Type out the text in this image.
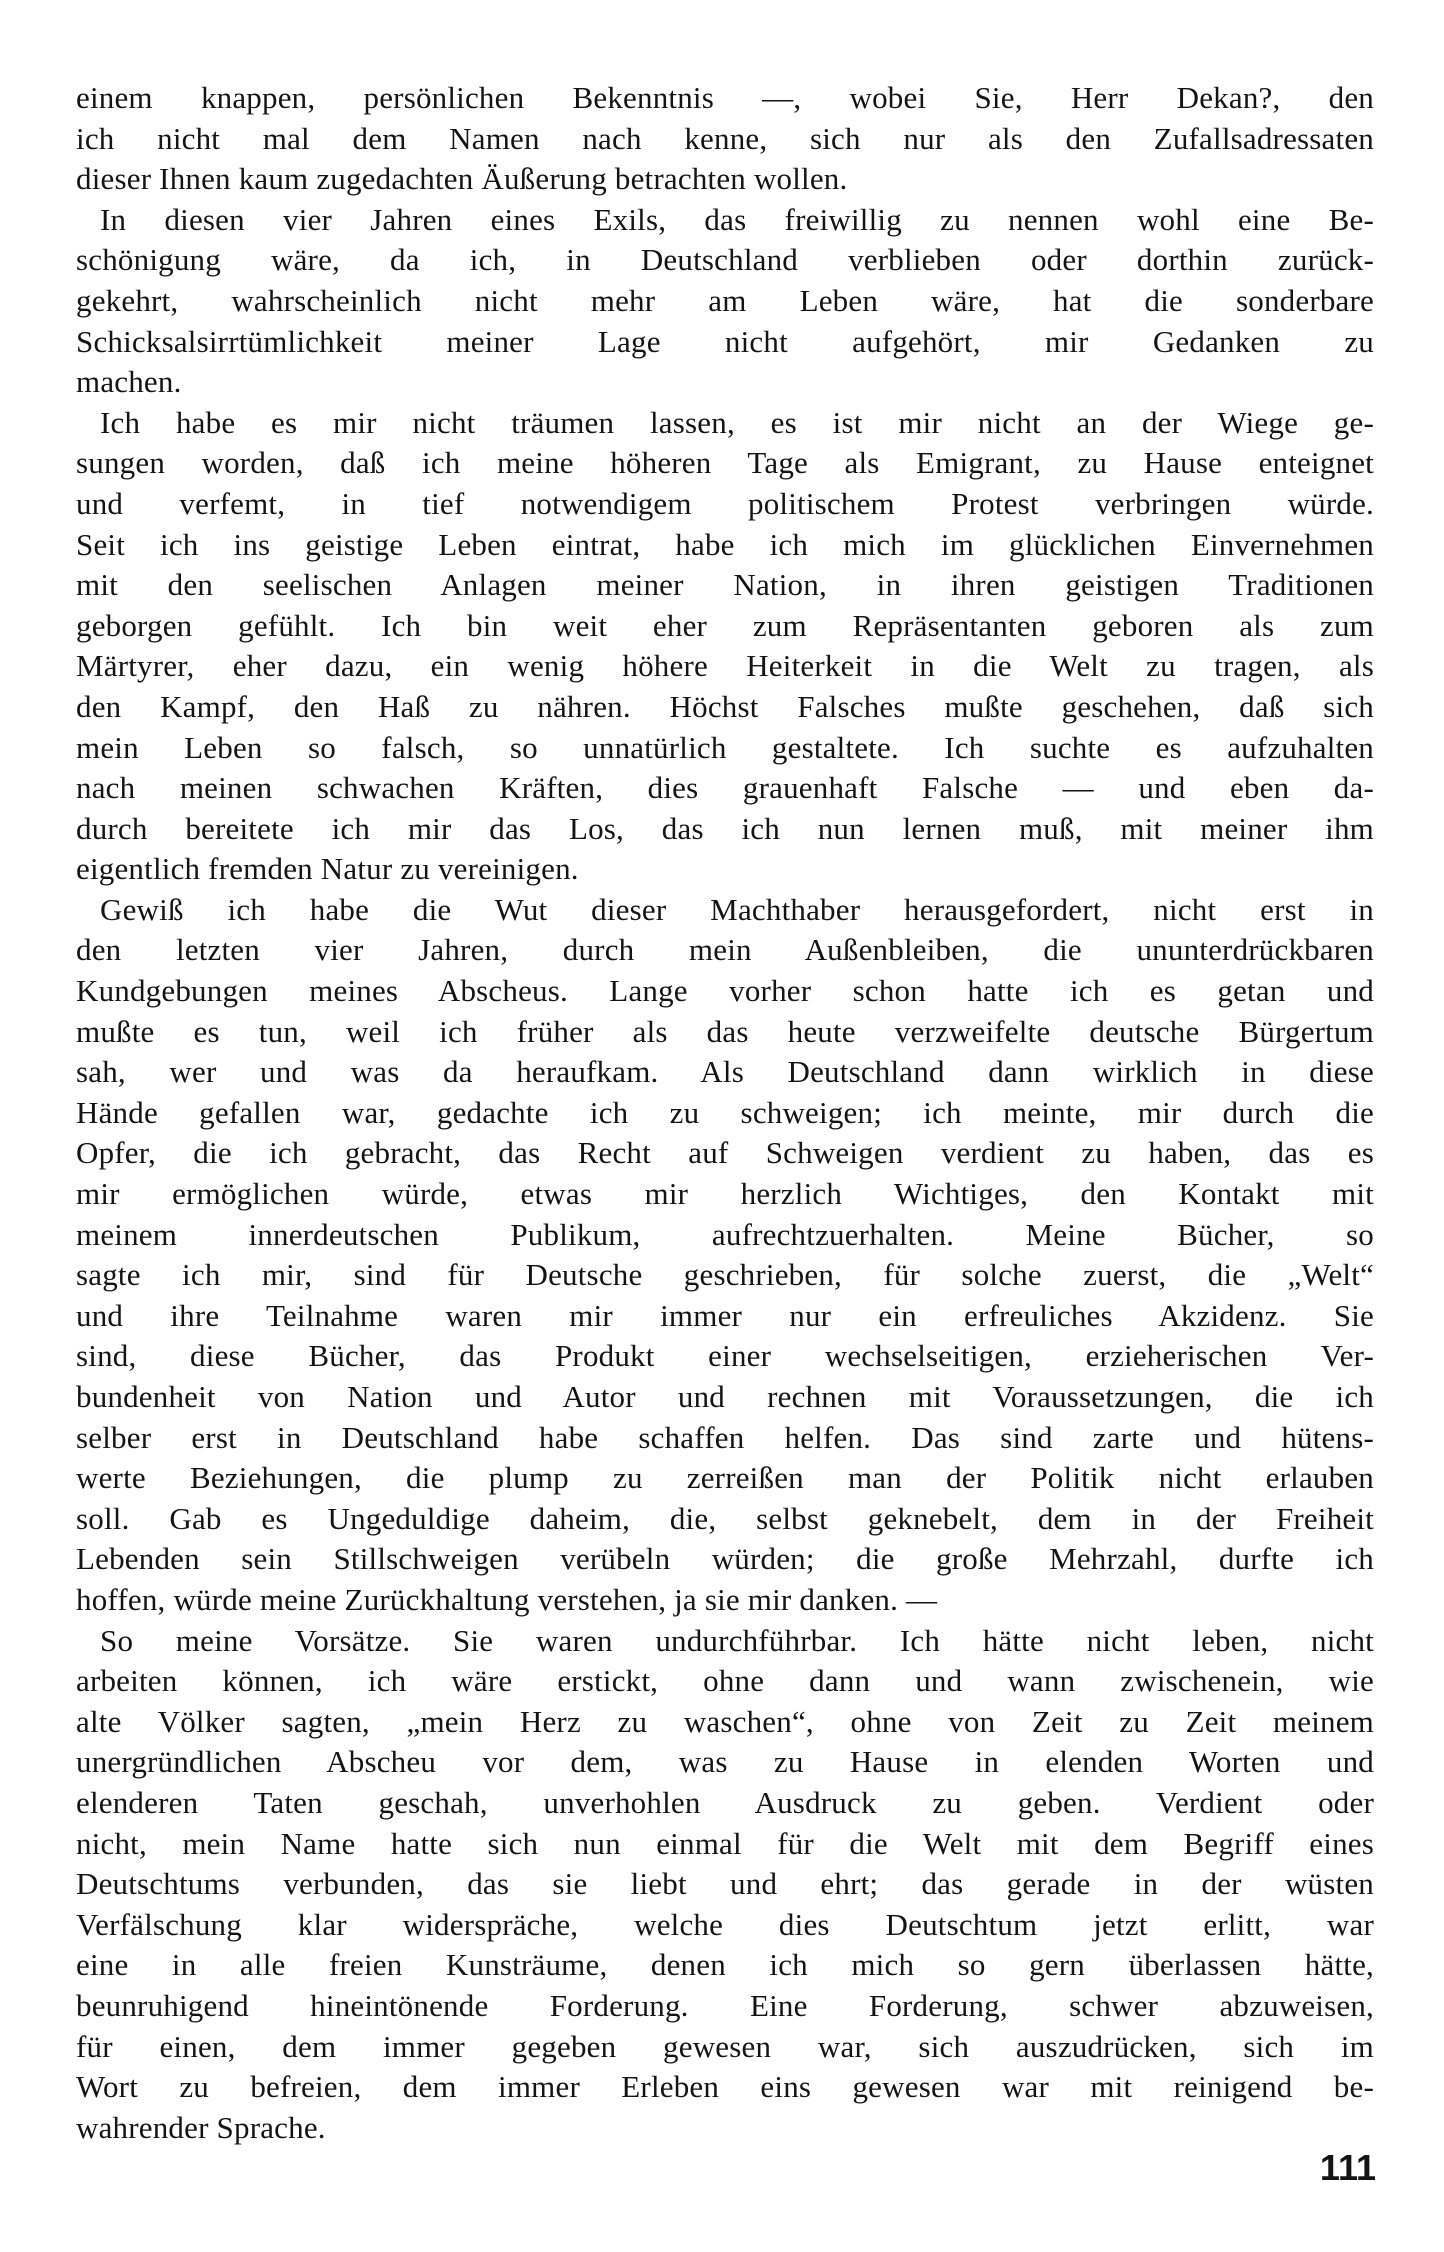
einem knappen, persönlichen Bekenntnis —, wobei Sie, Herr Dekan?, den
ich nicht mal dem Namen nach kenne, sich nur als den Zufallsadressaten
dieser Ihnen kaum zugedachten Äußerung betrachten wollen.
In diesen vier Jahren eines Exils, das freiwillig zu nennen wohl eine Be-
schönigung wäre, da ich, in Deutschland verblieben oder dorthin zurück-
gekehrt, wahrscheinlich nicht mehr am Leben wäre, hat die sonderbare
Schicksalsirrtümlichkeit meiner Lage nicht aufgehört, mir Gedanken zu
machen.
Ich habe es mir nicht träumen lassen, es ist mir nicht an der Wiege ge-
sungen worden, daß ich meine höheren Tage als Emigrant, zu Hause enteignet
und verfemt, in tief notwendigem politischem Protest verbringen würde.
Seit ich ins geistige Leben eintrat, habe ich mich im glücklichen Einvernehmen
mit den seelischen Anlagen meiner Nation, in ihren geistigen Traditionen
geborgen gefühlt. Ich bin weit eher zum Repräsentanten geboren als zum
Märtyrer, eher dazu, ein wenig höhere Heiterkeit in die Welt zu tragen, als
den Kampf, den Haß zu nähren. Höchst Falsches mußte geschehen, daß sich
mein Leben so falsch, so unnatürlich gestaltete. Ich suchte es aufzuhalten
nach meinen schwachen Kräften, dies grauenhaft Falsche — und eben da-
durch bereitete ich mir das Los, das ich nun lernen muß, mit meiner ihm
eigentlich fremden Natur zu vereinigen.
Gewiß ich habe die Wut dieser Machthaber herausgefordert, nicht erst in
den letzten vier Jahren, durch mein Außenbleiben, die ununterdrückbaren
Kundgebungen meines Abscheus. Lange vorher schon hatte ich es getan und
mußte es tun, weil ich früher als das heute verzweifelte deutsche Bürgertum
sah, wer und was da heraufkam. Als Deutschland dann wirklich in diese
Hände gefallen war, gedachte ich zu schweigen; ich meinte, mir durch die
Opfer, die ich gebracht, das Recht auf Schweigen verdient zu haben, das es
mir ermöglichen würde, etwas mir herzlich Wichtiges, den Kontakt mit
meinem innerdeutschen Publikum, aufrechtzuerhalten. Meine Bücher, so
sagte ich mir, sind für Deutsche geschrieben, für solche zuerst, die „Welt“
und ihre Teilnahme waren mir immer nur ein erfreuliches Akzidenz. Sie
sind, diese Bücher, das Produkt einer wechselseitigen, erzieherischen Ver-
bundenheit von Nation und Autor und rechnen mit Voraussetzungen, die ich
selber erst in Deutschland habe schaffen helfen. Das sind zarte und hütens-
werte Beziehungen, die plump zu zerreißen man der Politik nicht erlauben
soll. Gab es Ungeduldige daheim, die, selbst geknebelt, dem in der Freiheit
Lebenden sein Stillschweigen verübeln würden; die große Mehrzahl, durfte ich
hoffen, würde meine Zurückhaltung verstehen, ja sie mir danken. —
So meine Vorsätze. Sie waren undurchführbar. Ich hätte nicht leben, nicht
arbeiten können, ich wäre erstickt, ohne dann und wann zwischenein, wie
alte Völker sagten, „mein Herz zu waschen“, ohne von Zeit zu Zeit meinem
unergründlichen Abscheu vor dem, was zu Hause in elenden Worten und
elenderen Taten geschah, unverhohlen Ausdruck zu geben. Verdient oder
nicht, mein Name hatte sich nun einmal für die Welt mit dem Begriff eines
Deutschtums verbunden, das sie liebt und ehrt; das gerade in der wüsten
Verfälschung klar widerspräche, welche dies Deutschtum jetzt erlitt, war
eine in alle freien Kunsträume, denen ich mich so gern überlassen hätte,
beunruhigend hineintönende Forderung. Eine Forderung, schwer abzuweisen,
für einen, dem immer gegeben gewesen war, sich auszudrücken, sich im
Wort zu befreien, dem immer Erleben eins gewesen war mit reinigend be-
wahrender Sprache.
111
